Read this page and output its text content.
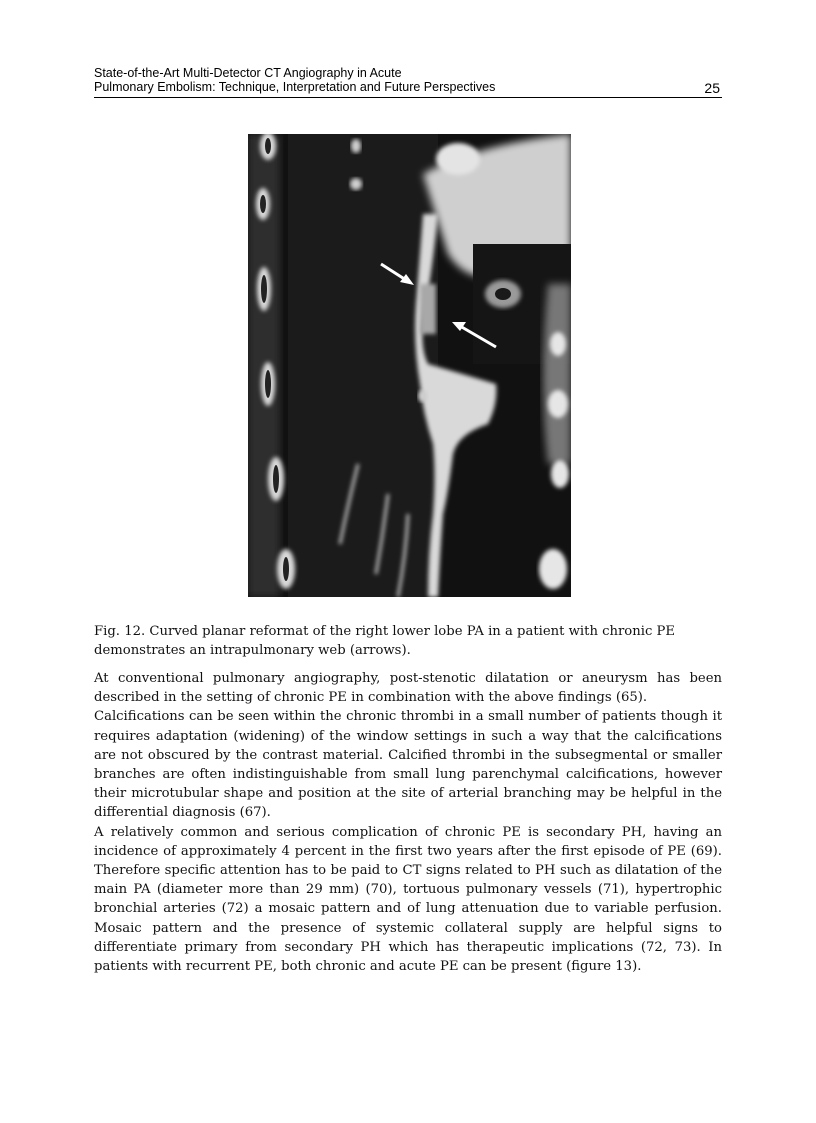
State-of-the-Art Multi-Detector CT Angiography in Acute
Pulmonary Embolism: Technique, Interpretation and Future Perspectives	25
Fig. 12. Curved planar reformat of the right lower lobe PA in a patient with chronic PE
demonstrates an intrapulmonary web (arrows).

At conventional pulmonary angiography, post-stenotic dilatation or aneurysm has been described in the setting of chronic PE in combination with the above findings (65).

Calcifications can be seen within the chronic thrombi in a small number of patients though it requires adaptation (widening) of the window settings in such a way that the calcifications are not obscured by the contrast material. Calcified thrombi in the subsegmental or smaller branches are often indistinguishable from small lung parenchymal calcifications, however their microtubular shape and position at the site of arterial branching may be helpful in the differential diagnosis (67).

A relatively common and serious complication of chronic PE is secondary PH, having an incidence of approximately 4 percent in the first two years after the first episode of PE (69). Therefore specific attention has to be paid to CT signs related to PH such as dilatation of the main PA (diameter more than 29 mm) (70), tortuous pulmonary vessels (71), hypertrophic bronchial arteries (72) a mosaic pattern and of lung attenuation due to variable perfusion. Mosaic pattern and the presence of systemic collateral supply are helpful signs to differentiate primary from secondary PH which has therapeutic implications (72, 73). In patients with recurrent PE, both chronic and acute PE can be present (figure 13).
